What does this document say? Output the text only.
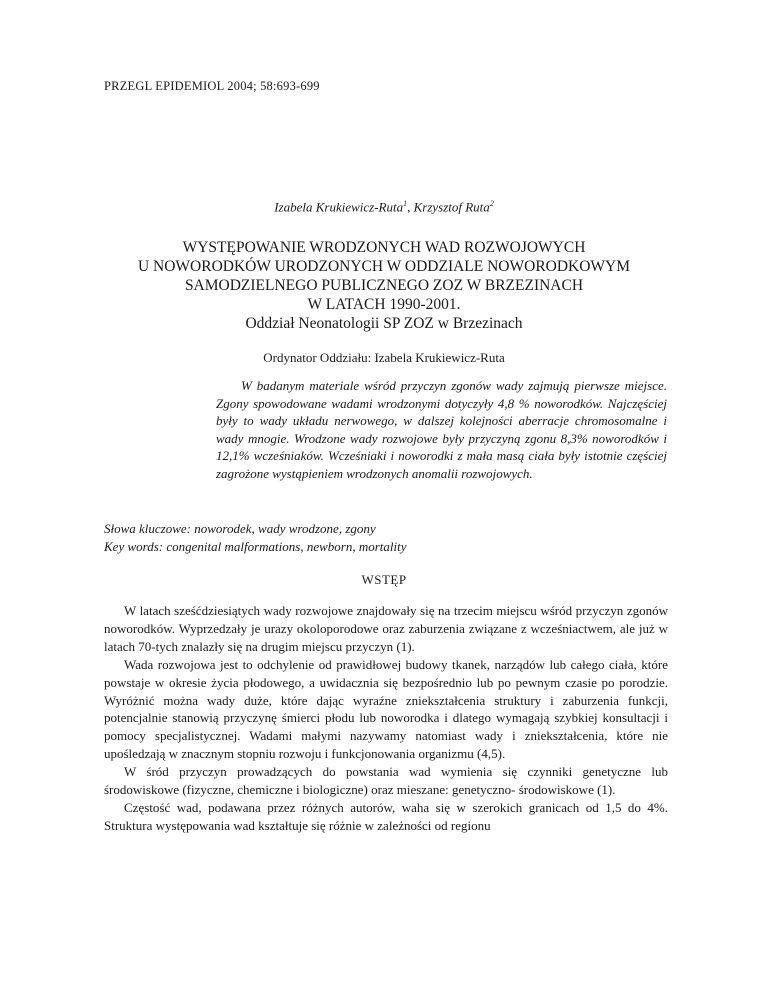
PRZEGL EPIDEMIOL 2004; 58:693-699
Izabela Krukiewicz-Ruta$^1$, Krzysztof Ruta$^2$
WYSTĘPOWANIE WRODZONYCH WAD ROZWOJOWYCH
U NOWORODKÓW URODZONYCH W ODDZIALE NOWORODKOWYM
SAMODZIELNEGO PUBLICZNEGO ZOZ W BRZEZINACH
W LATACH 1990-2001.
Oddział Neonatologii SP ZOZ w Brzezinach
Ordynator Oddziału: Izabela Krukiewicz-Ruta
W badanym materiale wśród przyczyn zgonów wady zajmują pierwsze miejsce. Zgony spowodowane wadami wrodzonymi dotyczyły 4,8 % noworodków. Najczęściej były to wady układu nerwowego, w dalszej kolejności aberracje chromosomalne i wady mnogie. Wrodzone wady rozwojowe były przyczyną zgonu 8,3% noworodków i 12,1% wcześniaków. Wcześniaki i noworodki z mała masą ciała były istotnie częściej zagrożone wystąpieniem wrodzonych anomalii rozwojowych.
Słowa kluczowe: noworodek, wady wrodzone, zgony
Key words: congenital malformations, newborn, mortality
WSTĘP

W latach sześćdziesiątych wady rozwojowe znajdowały się na trzecim miejscu wśród przyczyn zgonów noworodków. Wyprzedzały je urazy okoloporodowe oraz zaburzenia związane z wcześniactwem, ale już w latach 70-tych znalazły się na drugim miejscu przyczyn (1).

Wada rozwojowa jest to odchylenie od prawidłowej budowy tkanek, narządów lub całego ciała, które powstaje w okresie życia płodowego, a uwidacznia się bezpośrednio lub po pewnym czasie po porodzie. Wyróżnić można wady duże, które dając wyraźne zniekształcenia struktury i zaburzenia funkcji, potencjalnie stanowią przyczynę śmierci płodu lub noworodka i dlatego wymagają szybkiej konsultacji i pomocy specjalistycznej. Wadami małymi nazywamy natomiast wady i zniekształcenia, które nie upośledzają w znacznym stopniu rozwoju i funkcjonowania organizmu (4,5).

W śród przyczyn prowadzących do powstania wad wymienia się czynniki genetyczne lub środowiskowe (fizyczne, chemiczne i biologiczne) oraz mieszane: genetyczno- środowiskowe (1).

Częstość wad, podawana przez różnych autorów, waha się w szerokich granicach od 1,5 do 4%. Struktura występowania wad kształtuje się różnie w zależności od regionu
